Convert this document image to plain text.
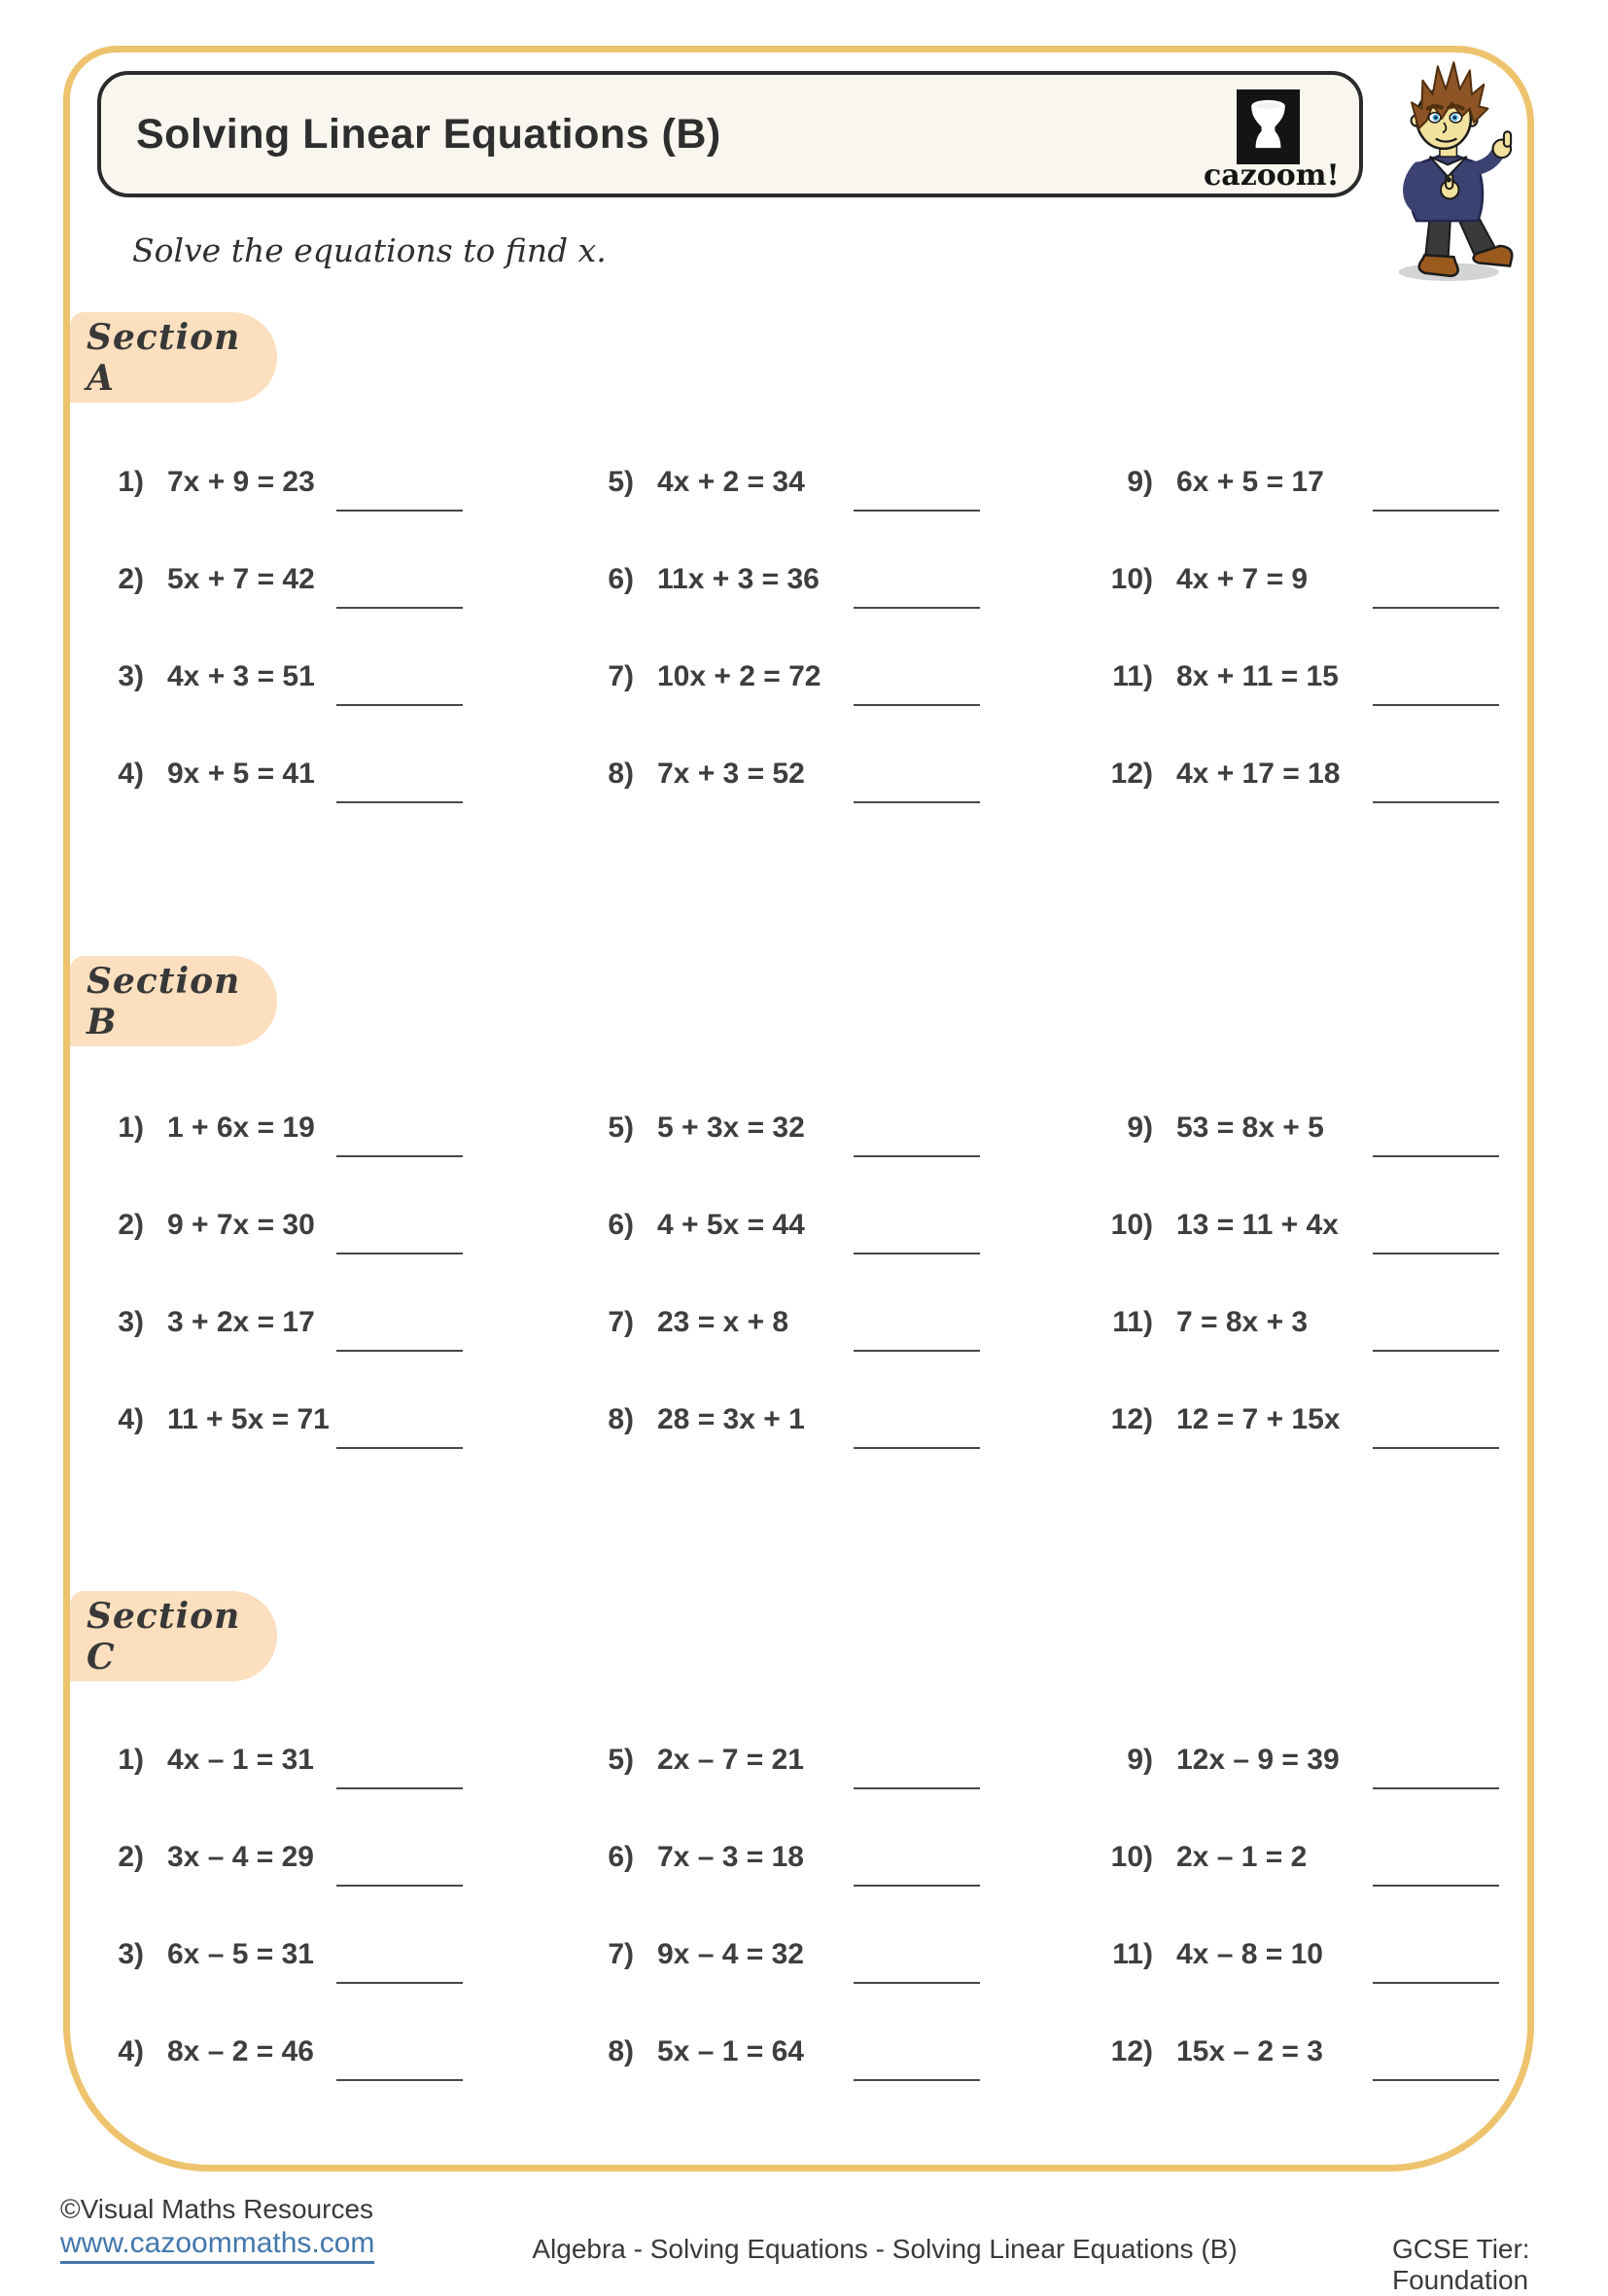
Solving Linear Equations (B)
cazoom!
Solve the equations to find x.
Section A
1) 7x + 9 = 23
2) 5x + 7 = 42
3) 4x + 3 = 51
4) 9x + 5 = 41
5) 4x + 2 = 34
6) 11x + 3 = 36
7) 10x + 2 = 72
8) 7x + 3 = 52
9) 6x + 5 = 17
10) 4x + 7 = 9
11) 8x + 11 = 15
12) 4x + 17 = 18
Section B
1) 1 + 6x = 19
2) 9 + 7x = 30
3) 3 + 2x = 17
4) 11 + 5x = 71
5) 5 + 3x = 32
6) 4 + 5x = 44
7) 23 = x + 8
8) 28 = 3x + 1
9) 53 = 8x + 5
10) 13 = 11 + 4x
11) 7 = 8x + 3
12) 12 = 7 + 15x
Section C
1) 4x – 1 = 31
2) 3x – 4 = 29
3) 6x – 5 = 31
4) 8x – 2 = 46
5) 2x – 7 = 21
6) 7x – 3 = 18
7) 9x – 4 = 32
8) 5x – 1 = 64
9) 12x – 9 = 39
10) 2x – 1 = 2
11) 4x – 8 = 10
12) 15x – 2 = 3
©Visual Maths Resources
www.cazoommaths.com	Algebra - Solving Equations - Solving Linear Equations (B)	GCSE Tier: Foundation
